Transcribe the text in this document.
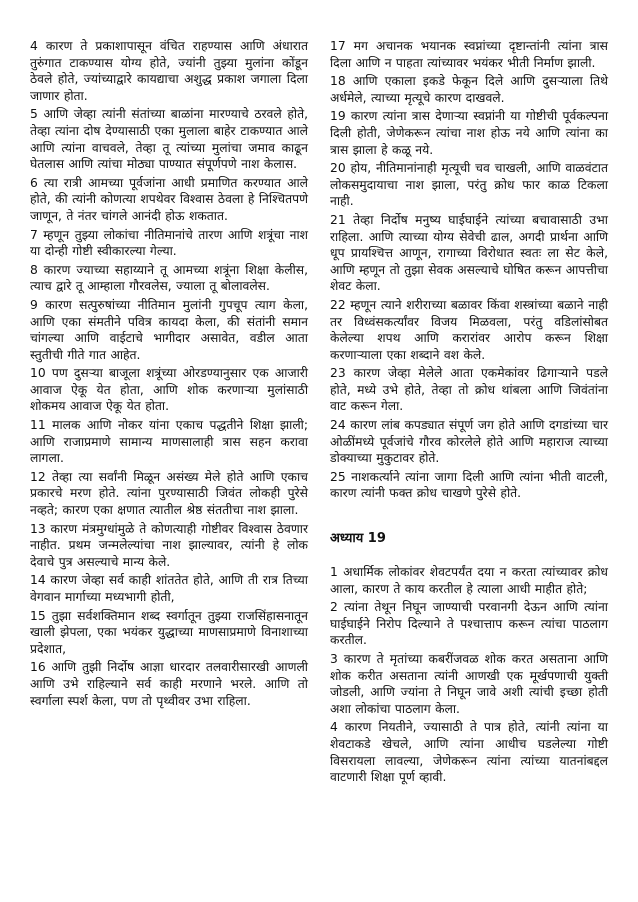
4 कारण ते प्रकाशापासून वंचित राहण्यास आणि अंधारात तुरुंगात टाकण्यास योग्य होते, ज्यांनी तुझ्या मुलांना कोंडून ठेवले होते, ज्यांच्याद्वारे कायद्याचा अशुद्ध प्रकाश जगाला दिला जाणार होता.

5 आणि जेव्हा त्यांनी संतांच्या बाळांना मारण्याचे ठरवले होते, तेव्हा त्यांना दोष देण्यासाठी एका मुलाला बाहेर टाकण्यात आले आणि त्यांना वाचवले, तेव्हा तू त्यांच्या मुलांचा जमाव काढून घेतलास आणि त्यांचा मोठ्या पाण्यात संपूर्णपणे नाश केलास.

6 त्या रात्री आमच्या पूर्वजांना आधी प्रमाणित करण्यात आले होते, की त्यांनी कोणत्या शपथेवर विश्वास ठेवला हे निश्चितपणे जाणून, ते नंतर चांगले आनंदी होऊ शकतात.

7 म्हणून तुझ्या लोकांचा नीतिमानांचे तारण आणि शत्रूंचा नाश या दोन्ही गोष्टी स्वीकारल्या गेल्या.

8 कारण ज्याच्या सहाय्याने तू आमच्या शत्रूंना शिक्षा केलीस, त्याच द्वारे तू आम्हाला गौरवलेस, ज्याला तू बोलावलेस.

9 कारण सत्पुरुषांच्या नीतिमान मुलांनी गुपचूप त्याग केला, आणि एका संमतीने पवित्र कायदा केला, की संतांनी समान चांगल्या आणि वाईटाचे भागीदार असावेत, वडील आता स्तुतीची गीते गात आहेत.

10 पण दुसऱ्या बाजूला शत्रूंच्या ओरडण्यानुसार एक आजारी आवाज ऐकू येत होता, आणि शोक करणाऱ्या मुलांसाठी शोकमय आवाज ऐकू येत होता.

11 मालक आणि नोकर यांना एकाच पद्धतीने शिक्षा झाली; आणि राजाप्रमाणे सामान्य माणसालाही त्रास सहन करावा लागला.

12 तेव्हा त्या सर्वांनी मिळून असंख्य मेले होते आणि एकाच प्रकारचे मरण होते. त्यांना पुरण्यासाठी जिवंत लोकही पुरेसे नव्हते; कारण एका क्षणात त्यातील श्रेष्ठ संततीचा नाश झाला.

13 कारण मंत्रमुग्धांमुळे ते कोणत्याही गोष्टीवर विश्वास ठेवणार नाहीत. प्रथम जन्मलेल्यांचा नाश झाल्यावर, त्यांनी हे लोक देवाचे पुत्र असल्याचे मान्य केले.

14 कारण जेव्हा सर्व काही शांततेत होते, आणि ती रात्र तिच्या वेगवान मार्गाच्या मध्यभागी होती,

15 तुझा सर्वशक्तिमान शब्द स्वर्गातून तुझ्या राजसिंहासनातून खाली झेपला, एका भयंकर युद्धाच्या माणसाप्रमाणे विनाशाच्या प्रदेशात,

16 आणि तुझी निर्दोष आज्ञा धारदार तलवारीसारखी आणली आणि उभे राहिल्याने सर्व काही मरणाने भरले. आणि तो स्वर्गाला स्पर्श केला, पण तो पृथ्वीवर उभा राहिला.

17 मग अचानक भयानक स्वप्नांच्या दृष्टान्तांनी त्यांना त्रास दिला आणि न पाहता त्यांच्यावर भयंकर भीती निर्माण झाली.

18 आणि एकाला इकडे फेकून दिले आणि दुसऱ्याला तिथे अर्धमेले, त्याच्या मृत्यूचे कारण दाखवले.

19 कारण त्यांना त्रास देणाऱ्या स्वप्नांनी या गोष्टीची पूर्वकल्पना दिली होती, जेणेकरून त्यांचा नाश होऊ नये आणि त्यांना का त्रास झाला हे कळू नये.

20 होय, नीतिमानांनाही मृत्यूची चव चाखली, आणि वाळवंटात लोकसमुदायाचा नाश झाला, परंतु क्रोध फार काळ टिकला नाही.

21 तेव्हा निर्दोष मनुष्य घाईघाईने त्यांच्या बचावासाठी उभा राहिला. आणि त्याच्या योग्य सेवेची ढाल, अगदी प्रार्थना आणि धूप प्रायश्चित्त आणून, रागाच्या विरोधात स्वतः ला सेट केले, आणि म्हणून तो तुझा सेवक असल्याचे घोषित करून आपत्तीचा शेवट केला.

22 म्हणून त्याने शरीराच्या बळावर किंवा शस्त्रांच्या बळाने नाही तर विध्वंसकर्त्यांवर विजय मिळवला, परंतु वडिलांसोबत केलेल्या शपथ आणि करारांवर आरोप करून शिक्षा करणाऱ्याला एका शब्दाने वश केले.

23 कारण जेव्हा मेलेले आता एकमेकांवर ढिगाऱ्याने पडले होते, मध्ये उभे होते, तेव्हा तो क्रोध थांबला आणि जिवंतांना वाट करून गेला.

24 कारण लांब कपड्यात संपूर्ण जग होते आणि दगडांच्या चार ओळींमध्ये पूर्वजांचे गौरव कोरलेले होते आणि महाराज त्याच्या डोक्याच्या मुकुटावर होते.

25 नाशकर्त्याने त्यांना जागा दिली आणि त्यांना भीती वाटली, कारण त्यांनी फक्त क्रोध चाखणे पुरेसे होते.

अध्याय 19

1 अधार्मिक लोकांवर शेवटपर्यंत दया न करता त्यांच्यावर क्रोध आला, कारण ते काय करतील हे त्याला आधी माहीत होते;

2 त्यांना तेथून निघून जाण्याची परवानगी देऊन आणि त्यांना घाईघाईने निरोप दिल्याने ते पश्चात्ताप करून त्यांचा पाठलाग करतील.

3 कारण ते मृतांच्या कबरींजवळ शोक करत असताना आणि शोक करीत असताना त्यांनी आणखी एक मूर्खपणाची युक्ती जोडली, आणि ज्यांना ते निघून जावे अशी त्यांची इच्छा होती अशा लोकांचा पाठलाग केला.

4 कारण नियतीने, ज्यासाठी ते पात्र होते, त्यांनी त्यांना या शेवटाकडे खेचले, आणि त्यांना आधीच घडलेल्या गोष्टी विसरायला लावल्या, जेणेकरून त्यांना त्यांच्या यातनांबद्दल वाटणारी शिक्षा पूर्ण व्हावी.
